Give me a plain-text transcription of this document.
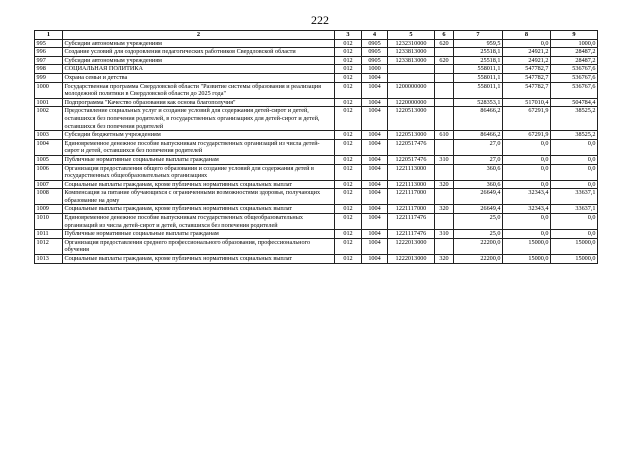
222
1	2	3	4	5	6	7	8	9
995	Субсидии автономным учреждениям	012	0905	1232310000	620	959,5	0,0	1000,0
996	Создание условий для оздоровления педагогических работников Свердловской области	012	0905	1233813000		25518,1	24921,2	28487,2
997	Субсидии автономным учреждениям	012	0905	1233813000	620	25518,1	24921,2	28487,2
998	СОЦИАЛЬНАЯ ПОЛИТИКА	012	1000			558011,1	547782,7	536767,6
999	Охрана семьи и детства	012	1004			558011,1	547782,7	536767,6
1000	Государственная программа Свердловской области "Развитие системы образования и реализация молодежной политики в Свердловской области до 2025 года"	012	1004	1200000000		558011,1	547782,7	536767,6
1001	Подпрограмма "Качество образования как основа благополучия"	012	1004	1220000000		528353,1	517010,4	504784,4
1002	Предоставление социальных услуг и создание условий для содержания детей-сирот и детей, оставшихся без попечения родителей, в государственных организациях для детей-сирот и детей, оставшихся без попечения родителей	012	1004	1220513000		86466,2	67291,9	38525,2
1003	Субсидии бюджетным учреждениям	012	1004	1220513000	610	86466,2	67291,9	38525,2
1004	Единовременное денежное пособие выпускникам государственных организаций из числа детей-сирот и детей, оставшихся без попечения родителей	012	1004	1220517476		27,0	0,0	0,0
1005	Публичные нормативные социальные выплаты гражданам	012	1004	1220517476	310	27,0	0,0	0,0
1006	Организация предоставления общего образования и создание условий для содержания детей в государственных общеобразовательных организациях	012	1004	1221113000		360,6	0,0	0,0
1007	Социальные выплаты гражданам, кроме публичных нормативных социальных выплат	012	1004	1221113000	320	360,6	0,0	0,0
1008	Компенсация за питание обучающихся с ограниченными возможностями здоровья, получающих образование на дому	012	1004	1221117000		26649,4	32343,4	33637,1
1009	Социальные выплаты гражданам, кроме публичных нормативных социальных выплат	012	1004	1221117000	320	26649,4	32343,4	33637,1
1010	Единовременное денежное пособие выпускникам государственных общеобразовательных организаций из числа детей-сирот и детей, оставшихся без попечения родителей	012	1004	1221117476		25,0	0,0	0,0
1011	Публичные нормативные социальные выплаты гражданам	012	1004	1221117476	310	25,0	0,0	0,0
1012	Организация предоставления среднего профессионального образования, профессионального обучения	012	1004	1222013000		22200,0	15000,0	15000,0
1013	Социальные выплаты гражданам, кроме публичных нормативных социальных выплат	012	1004	1222013000	320	22200,0	15000,0	15000,0
